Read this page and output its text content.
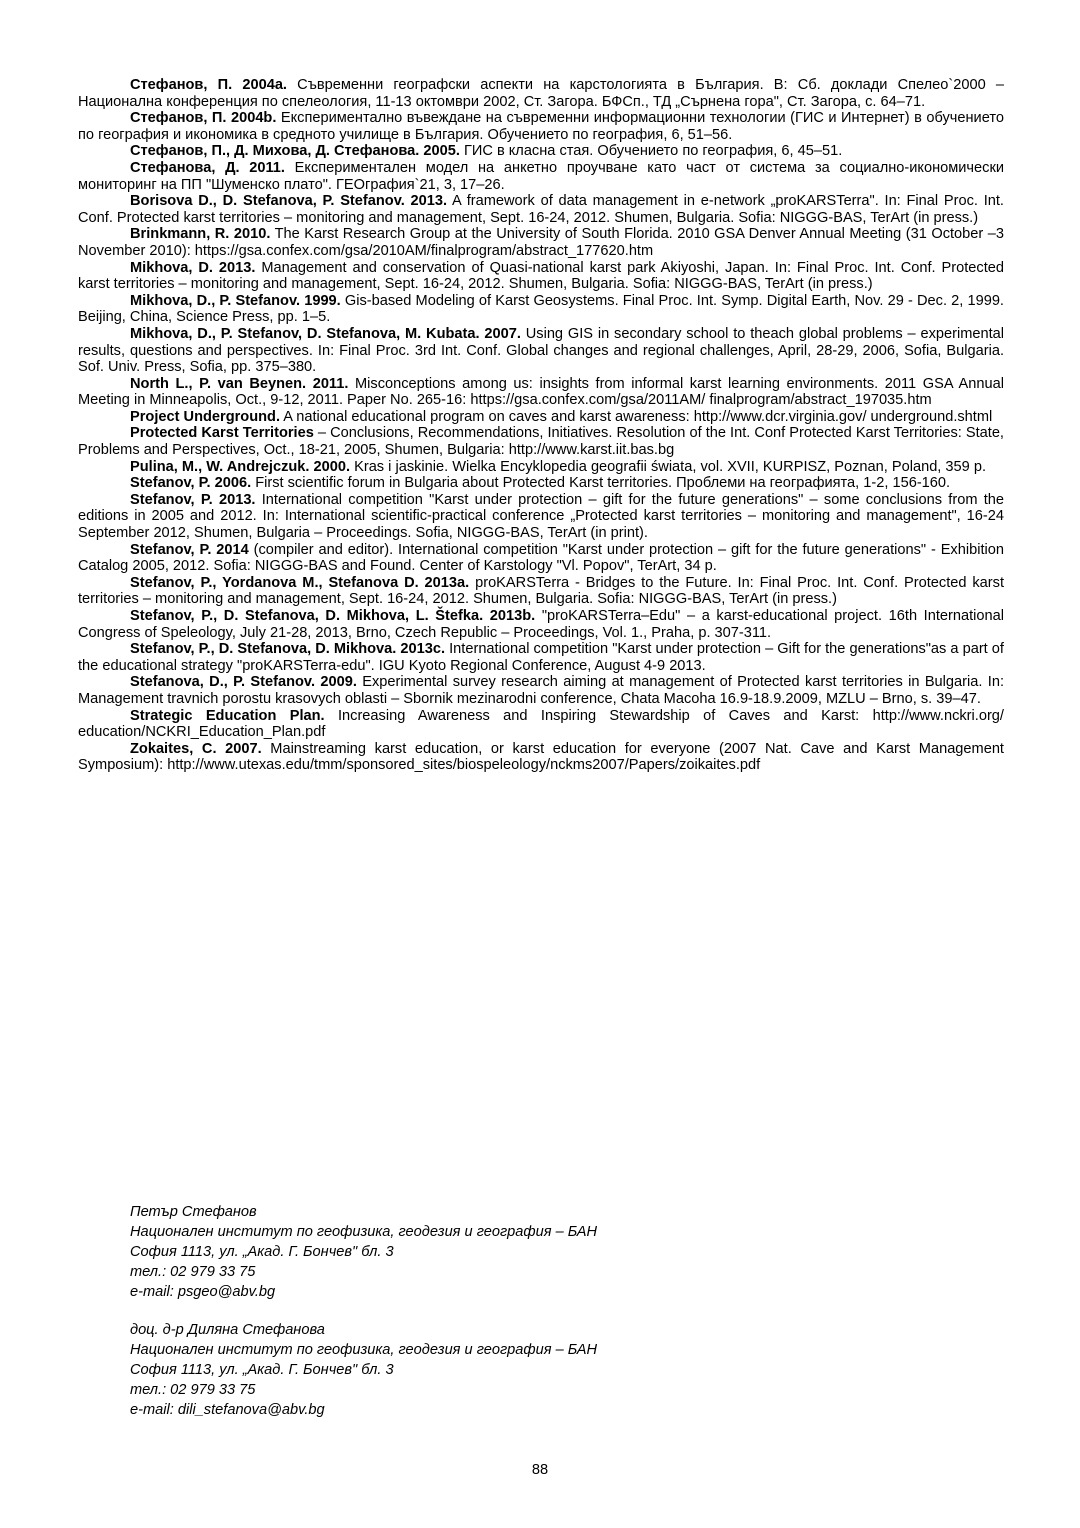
Стефанов, П. 2004a. Съвременни географски аспекти на карстологията в България. В: Сб. доклади Спелео`2000 – Национална конференция по спелеология, 11-13 октомври 2002, Ст. Загора. БФСп., ТД „Сърнена гора", Ст. Загора, с. 64–71.

Стефанов, П. 2004b. Експериментално въвеждане на съвременни информационни технологии (ГИС и Интернет) в обучението по география и икономика в средното училище в България. Обучението по география, 6, 51–56.

Стефанов, П., Д. Михова, Д. Стефанова. 2005. ГИС в класна стая. Обучението по география, 6, 45–51.

Стефанова, Д. 2011. Експериментален модел на анкетно проучване като част от система за социално-икономически мониторинг на ПП "Шуменско плато". ГЕОграфия`21, 3, 17–26.

Borisova D., D. Stefanova, P. Stefanov. 2013. A framework of data management in e-network „proKARSTerra". In: Final Proc. Int. Conf. Protected karst territories – monitoring and management, Sept. 16-24, 2012. Shumen, Bulgaria. Sofia: NIGGG-BAS, TerArt (in press.)

Brinkmann, R. 2010. The Karst Research Group at the University of South Florida. 2010 GSA Denver Annual Meeting (31 October –3 November 2010): https://gsa.confex.com/gsa/2010AM/finalprogram/abstract_177620.htm

Mikhova, D. 2013. Management and conservation of Quasi-national karst park Akiyoshi, Japan. In: Final Proc. Int. Conf. Protected karst territories – monitoring and management, Sept. 16-24, 2012. Shumen, Bulgaria. Sofia: NIGGG-BAS, TerArt (in press.)

Mikhova, D., P. Stefanov. 1999. Gis-based Modeling of Karst Geosystems. Final Proc. Int. Symp. Digital Earth, Nov. 29 - Dec. 2, 1999. Beijing, China, Science Press, pp. 1–5.

Mikhova, D., P. Stefanov, D. Stefanova, M. Kubata. 2007. Using GIS in secondary school to theach global problems – experimental results, questions and perspectives. In: Final Proc. 3rd Int. Conf. Global changes and regional challenges, April, 28-29, 2006, Sofia, Bulgaria. Sof. Univ. Press, Sofia, pp. 375–380.

North L., P. van Beynen. 2011. Misconceptions among us: insights from informal karst learning environments. 2011 GSA Annual Meeting in Minneapolis, Oct., 9-12, 2011. Paper No. 265-16: https://gsa.confex.com/gsa/2011AM/ finalprogram/abstract_197035.htm

Project Underground. A national educational program on caves and karst awareness: http://www.dcr.virginia.gov/ underground.shtml

Protected Karst Territories – Conclusions, Recommendations, Initiatives. Resolution of the Int. Conf Protected Karst Territories: State, Problems and Perspectives, Oct., 18-21, 2005, Shumen, Bulgaria: http://www.karst.iit.bas.bg

Pulina, M., W. Andrejczuk. 2000. Kras i jaskinie. Wielka Encyklopedia geografii świata, vol. XVII, KURPISZ, Poznan, Poland, 359 p.

Stefanov, P. 2006. First scientific forum in Bulgaria about Protected Karst territories. Проблеми на географията, 1-2, 156-160.

Stefanov, P. 2013. International competition "Karst under protection – gift for the future generations" – some conclusions from the editions in 2005 and 2012. In: International scientific-practical conference „Protected karst territories – monitoring and management", 16-24 September 2012, Shumen, Bulgaria – Proceedings. Sofia, NIGGG-BAS, TerArt (in print).

Stefanov, P. 2014 (compiler and editor). International competition "Karst under protection – gift for the future generations" - Exhibition Catalog 2005, 2012. Sofia: NIGGG-BAS and Found. Center of Karstology "Vl. Popov", TerArt, 34 p.

Stefanov, P., Yordanova M., Stefanova D. 2013a. proKARSTerra - Bridges to the Future. In: Final Proc. Int. Conf. Protected karst territories – monitoring and management, Sept. 16-24, 2012. Shumen, Bulgaria. Sofia: NIGGG-BAS, TerArt (in press.)

Stefanov, P., D. Stefanova, D. Mikhova, L. Štefka. 2013b. "proKARSTerra–Edu" – a karst-educational project. 16th International Congress of Speleology, July 21-28, 2013, Brno, Czech Republic – Proceedings, Vol. 1., Praha, p. 307-311.

Stefanov, P., D. Stefanova, D. Mikhova. 2013c. International competition "Karst under protection – Gift for the generations"as a part of the educational strategy "proKARSTerra-edu". IGU Kyoto Regional Conference, August 4-9 2013.

Stefanova, D., P. Stefanov. 2009. Experimental survey research aiming at management of Protected karst territories in Bulgaria. In: Management travnich porostu krasovych oblasti – Sbornik mezinarodni conference, Chata Macoha 16.9-18.9.2009, MZLU – Brno, s. 39–47.

Strategic Education Plan. Increasing Awareness and Inspiring Stewardship of Caves and Karst: http://www.nckri.org/ education/NCKRI_Education_Plan.pdf

Zokaites, C. 2007. Mainstreaming karst education, or karst education for everyone (2007 Nat. Cave and Karst Management Symposium): http://www.utexas.edu/tmm/sponsored_sites/biospeleology/nckms2007/Papers/zoikaites.pdf

Петър Стефанов
Национален институт по геофизика, геодезия и география – БАН
София 1113, ул. „Акад. Г. Бончев" бл. 3
тел.: 02 979 33 75
e-mail: psgeo@abv.bg
доц. д-р Диляна Стефанова
Национален институт по геофизика, геодезия и география – БАН
София 1113, ул. „Акад. Г. Бончев" бл. 3
тел.: 02 979 33 75
e-mail: dili_stefanova@abv.bg
88
